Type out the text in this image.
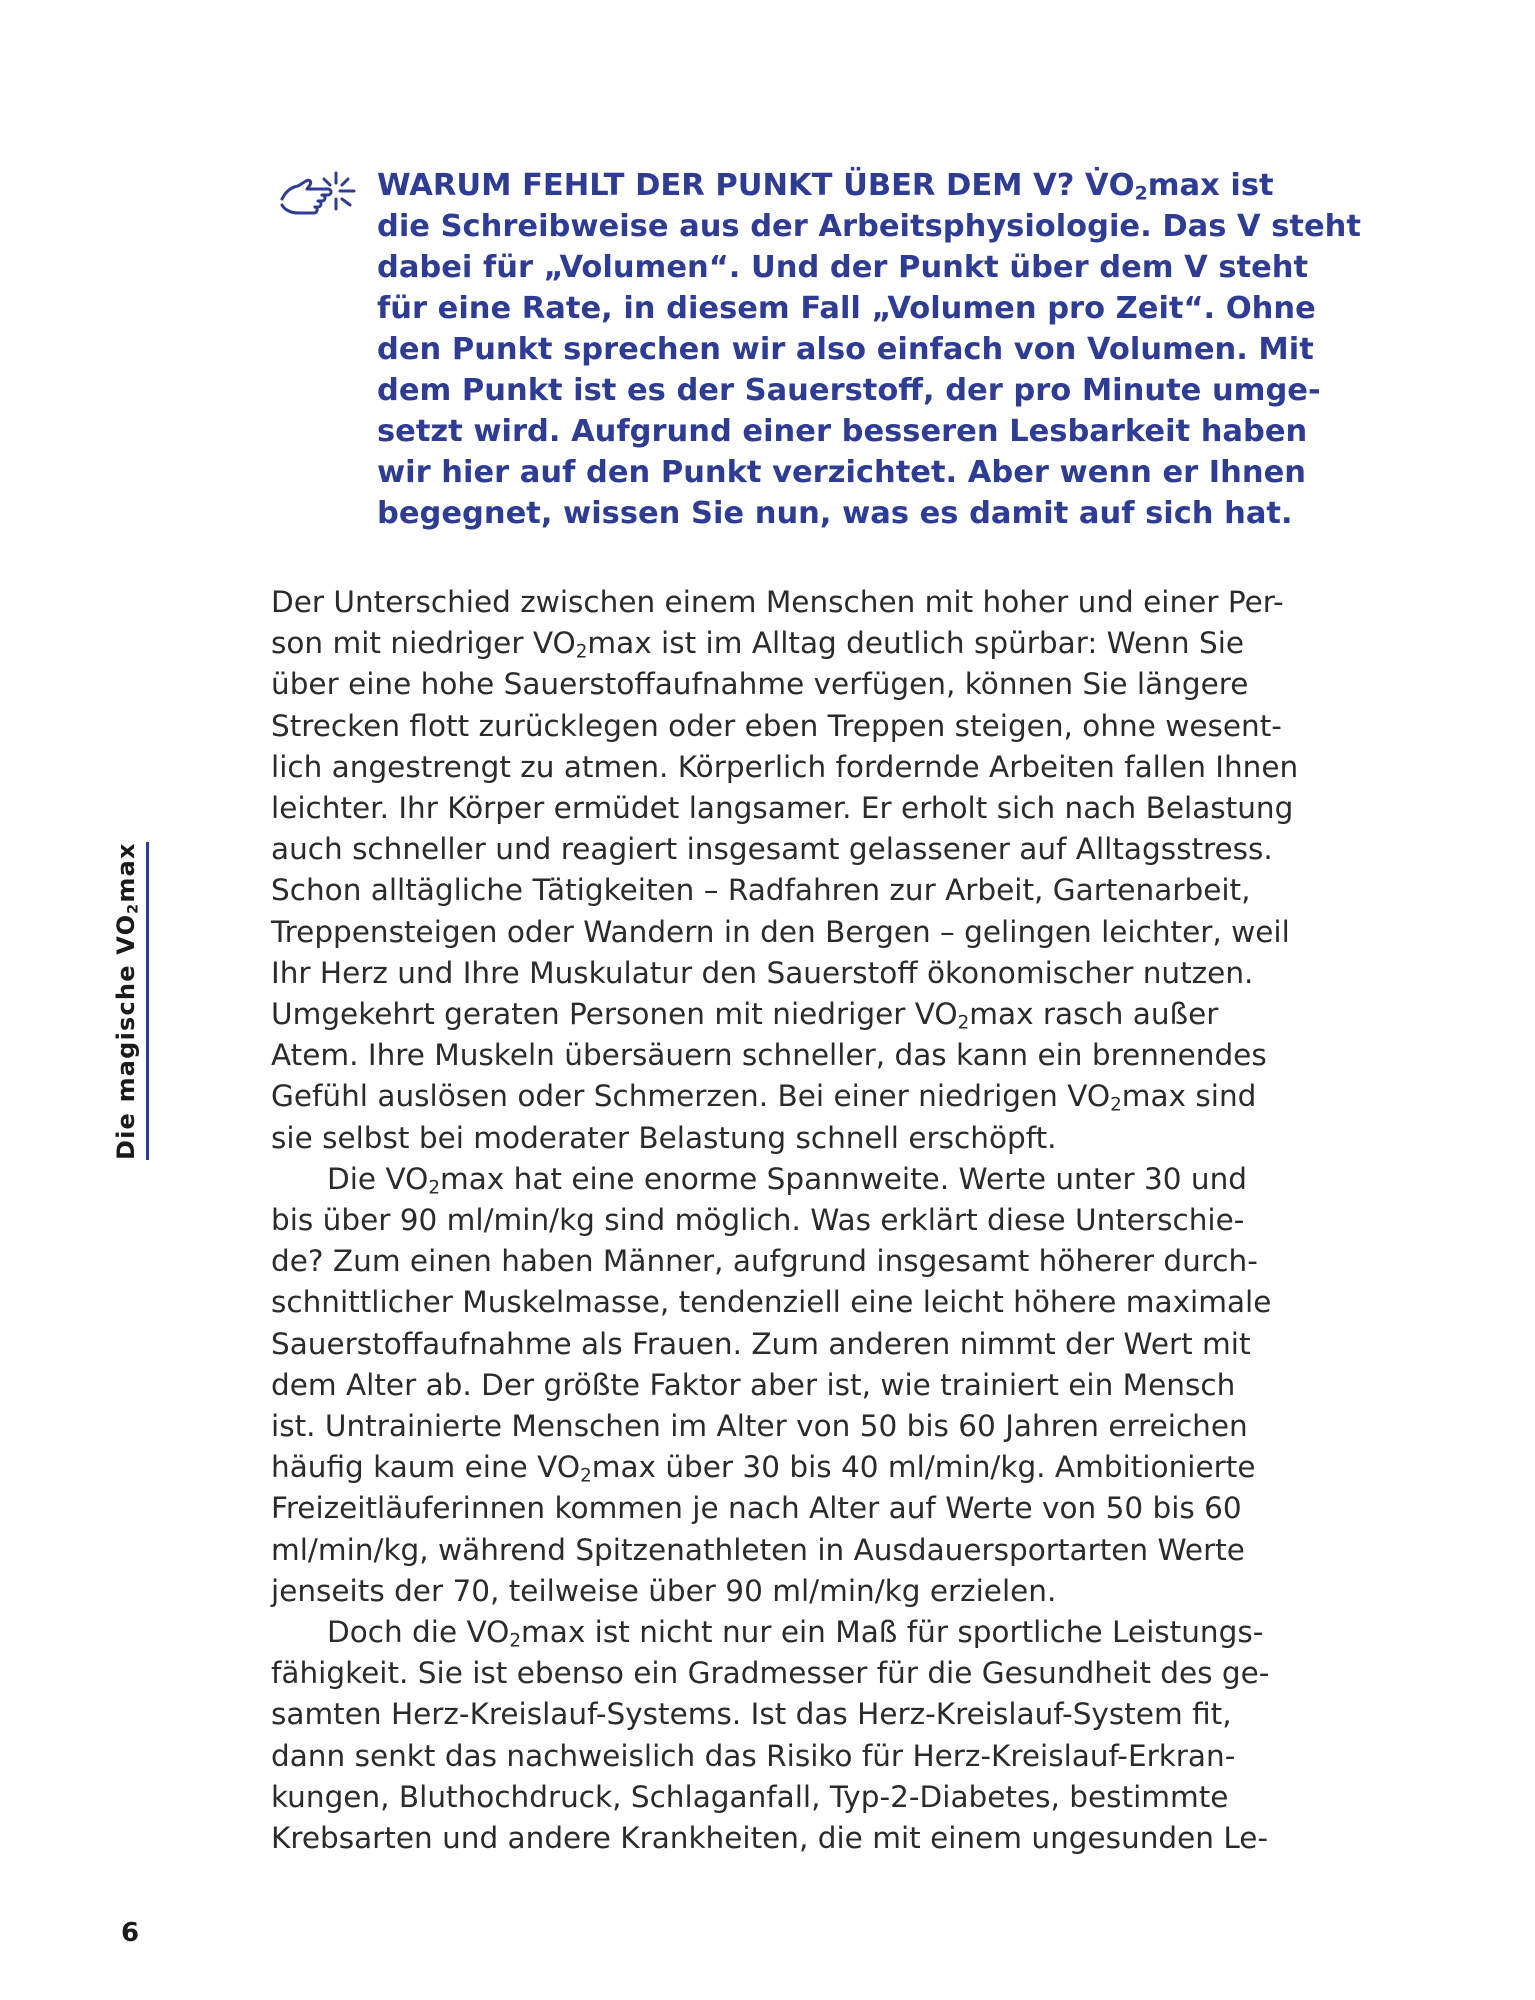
WARUM FEHLT DER PUNKT ÜBER DEM V? $V̇O_2\max$ ist
die Schreibweise aus der Arbeitsphysiologie. Das V steht
dabei für „Volumen“. Und der Punkt über dem V steht
für eine Rate, in diesem Fall „Volumen pro Zeit“. Ohne
den Punkt sprechen wir also einfach von Volumen. Mit
dem Punkt ist es der Sauerstoff, der pro Minute umge-
setzt wird. Aufgrund einer besseren Lesbarkeit haben
wir hier auf den Punkt verzichtet. Aber wenn er Ihnen
begegnet, wissen Sie nun, was es damit auf sich hat.
Der Unterschied zwischen einem Menschen mit hoher und einer Per-
son mit niedriger $VO_2\max$ ist im Alltag deutlich spürbar: Wenn Sie
über eine hohe Sauerstoffaufnahme verfügen, können Sie längere
Strecken flott zurücklegen oder eben Treppen steigen, ohne wesent-
lich angestrengt zu atmen. Körperlich fordernde Arbeiten fallen Ihnen
leichter. Ihr Körper ermüdet langsamer. Er erholt sich nach Belastung
auch schneller und reagiert insgesamt gelassener auf Alltagsstress.
Schon alltägliche Tätigkeiten – Radfahren zur Arbeit, Gartenarbeit,
Treppensteigen oder Wandern in den Bergen – gelingen leichter, weil
Ihr Herz und Ihre Muskulatur den Sauerstoff ökonomischer nutzen.
Umgekehrt geraten Personen mit niedriger $VO_2\max$ rasch außer
Atem. Ihre Muskeln übersäuern schneller, das kann ein brennendes
Gefühl auslösen oder Schmerzen. Bei einer niedrigen $VO_2\max$ sind
sie selbst bei moderater Belastung schnell erschöpft.
Die $VO_2\max$ hat eine enorme Spannweite. Werte unter 30 und
bis über 90 ml/min/kg sind möglich. Was erklärt diese Unterschie-
de? Zum einen haben Männer, aufgrund insgesamt höherer durch-
schnittlicher Muskelmasse, tendenziell eine leicht höhere maximale
Sauerstoffaufnahme als Frauen. Zum anderen nimmt der Wert mit
dem Alter ab. Der größte Faktor aber ist, wie trainiert ein Mensch
ist. Untrainierte Menschen im Alter von 50 bis 60 Jahren erreichen
häufig kaum eine $VO_2\max$ über 30 bis 40 ml/min/kg. Ambitionierte
Freizeitläuferinnen kommen je nach Alter auf Werte von 50 bis 60
ml/min/kg, während Spitzenathleten in Ausdauersportarten Werte
jenseits der 70, teilweise über 90 ml/min/kg erzielen.
Doch die $VO_2\max$ ist nicht nur ein Maß für sportliche Leistungs-
fähigkeit. Sie ist ebenso ein Gradmesser für die Gesundheit des ge-
samten Herz-Kreislauf-Systems. Ist das Herz-Kreislauf-System fit,
dann senkt das nachweislich das Risiko für Herz-Kreislauf-Erkran-
kungen, Bluthochdruck, Schlaganfall, Typ-2-Diabetes, bestimmte
Krebsarten und andere Krankheiten, die mit einem ungesunden Le-
Die magische $VO_2\max$
6
